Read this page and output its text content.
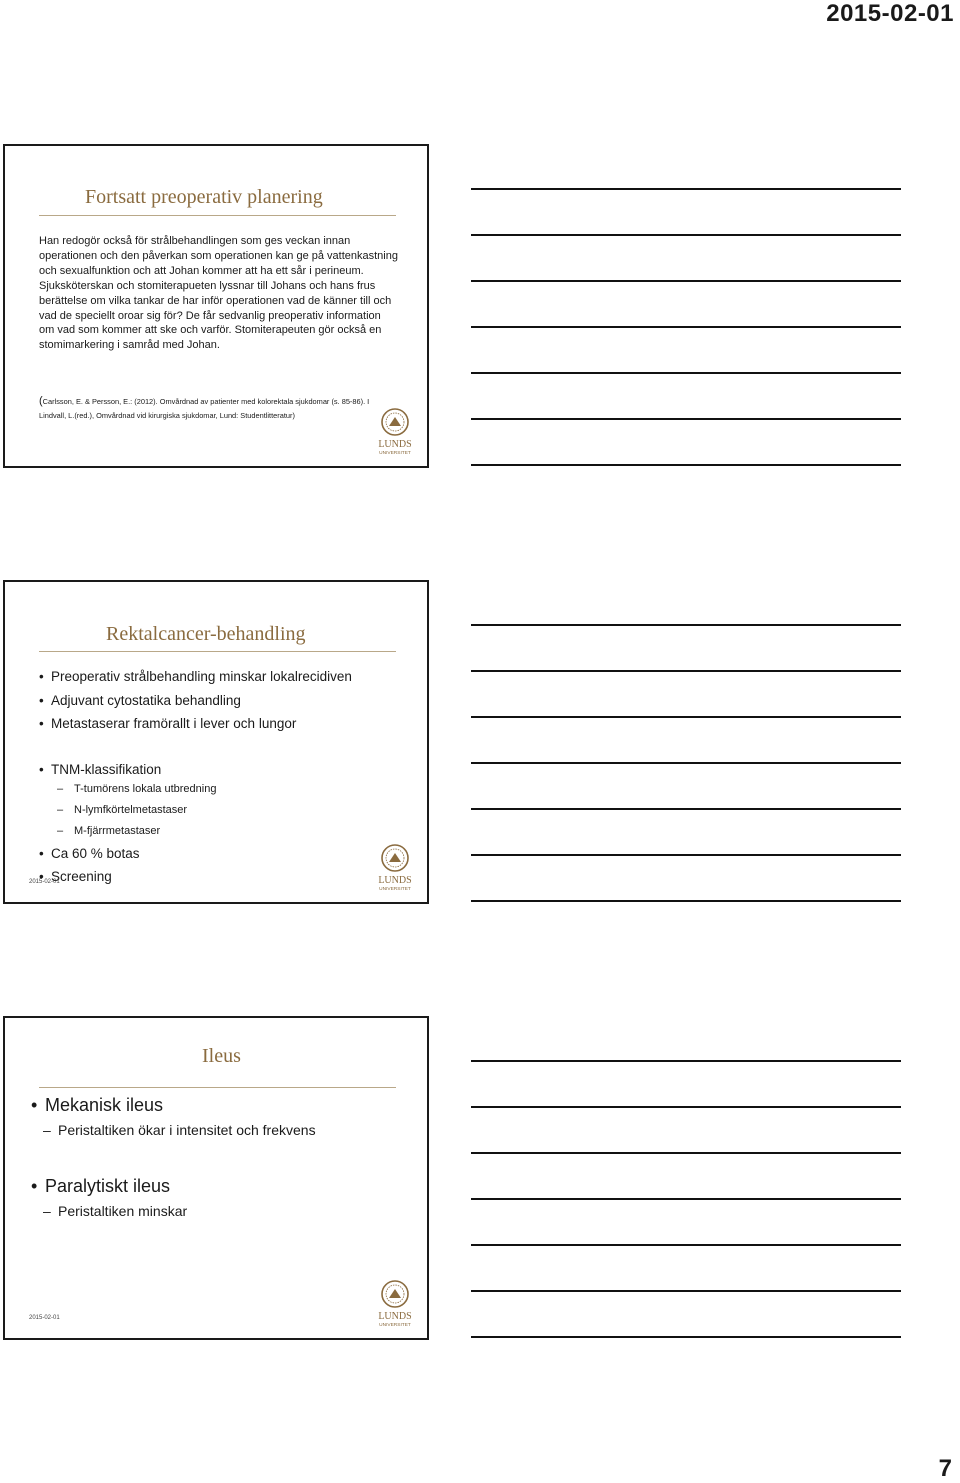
2015-02-01
Fortsatt preoperativ planering

Han redogör också för strålbehandlingen som ges veckan innan operationen och den påverkan som operationen kan ge på vattenkastning och sexualfunktion och att Johan kommer att ha ett sår i perineum. Sjuksköterskan och stomiterapueten lyssnar till Johans och hans frus berättelse om vilka tankar de har inför operationen vad de känner till och vad de speciellt oroar sig för? De får sedvanlig preoperativ information om vad som kommer att ske och varför. Stomiterapeuten gör också en stomimarkering i samråd med Johan.

(Carlsson, E. & Persson, E.: (2012). Omvårdnad av patienter med kolorektala sjukdomar (s. 85-86). I Lindvall, L.(red.), Omvårdnad vid kirurgiska sjukdomar, Lund: Studentlitteratur)

LUNDS
UNIVERSITET
Rektalcancer-behandling
• Preoperativ strålbehandling minskar lokalrecidiven
• Adjuvant cytostatika behandling
• Metastaserar framörallt i lever och lungor
• TNM-klassifikation
– T-tumörens lokala utbredning
– N-lymfkörtelmetastaser
– M-fjärrmetastaser
• Ca 60 % botas
• Screening
2015-02-01	LUNDS
UNIVERSITET
Ileus
• Mekanisk ileus
– Peristaltiken ökar i intensitet och frekvens
• Paralytiskt ileus
– Peristaltiken minskar
2015-02-01	LUNDS
UNIVERSITET
7
